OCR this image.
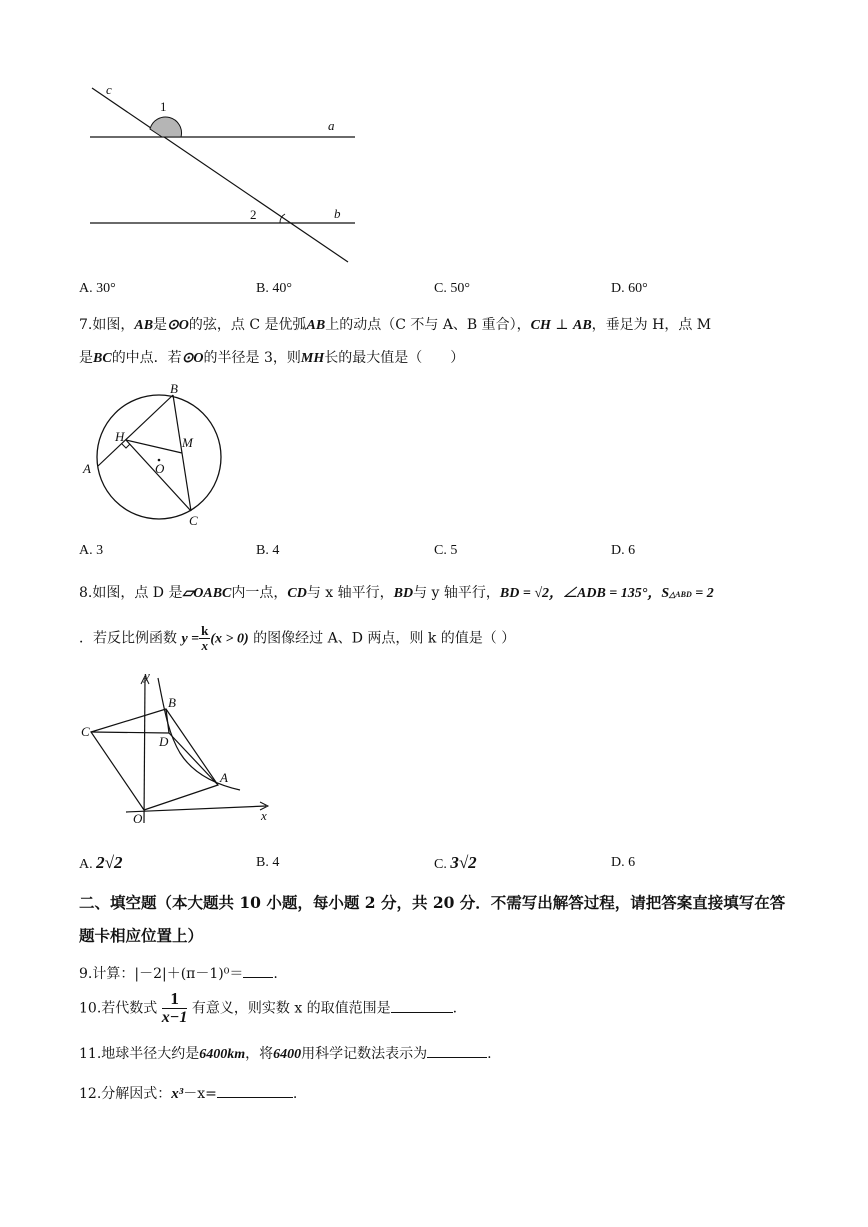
c
1
a
2	b
A. 30°	B. 40°	C. 50°	D. 60°
7.如图，AB是⊙O的弦，点 C 是优弧AB上的动点（C 不与 A、B 重合），CH ⊥ AB，垂足为 H，点 M
是BC的中点．若⊙O的半径是 3，则MH长的最大值是（　　）
B
H	M
O
A
C
A. 3	B. 4	C. 5	D. 6
8.如图，点 D 是▱OABC内一点，CD与 x 轴平行，BD与 y 轴平行，BD = √2，∠ADB = 135°，S△ABD = 2
．若反比例函数 $y = \frac{k}{x} (x > 0)$ 的图像经过 A、D 两点，则 k 的值是（ ）
y
B
C
D
A
O	x
A. 2√2	B. 4	C. 3√2	D. 6
二、填空题（本大题共 10 小题，每小题 2 分，共 20 分．不需写出解答过程，请把答案直接填写在答题卡相应位置上）
9.计算：|－2|＋(π－1)⁰＝ .
10.若代数式 $\frac{1}{x-1}$ 有意义，则实数 x 的取值范围是	.
11.地球半径大约是6400km，将6400用科学记数法表示为	.
12.分解因式：x³－x=	.
